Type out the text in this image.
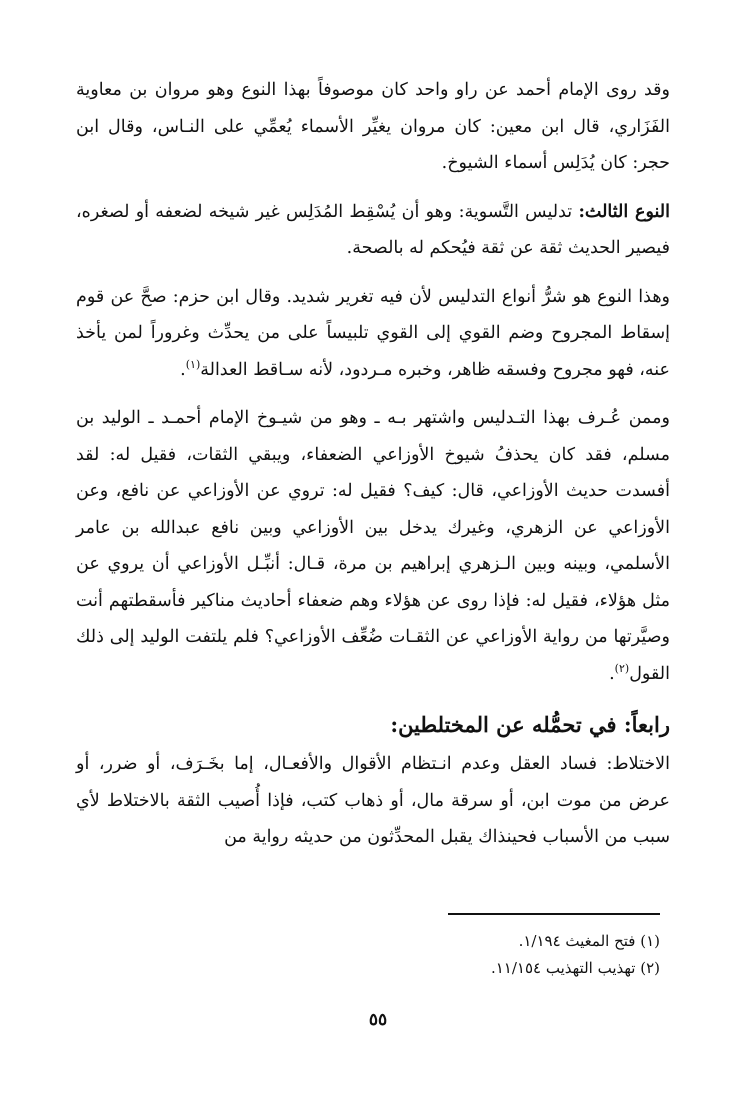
وقد روى الإمام أحمد عن راو واحد كان موصوفاً بهذا النوع وهو مروان بن معاوية الفَزَاري، قال ابن معين: كان مروان يغيِّر الأسماء يُعمِّي على النـاس، وقال ابن حجر: كان يُدَلِس أسماء الشيوخ.

النوع الثالث: تدليس التَّسوية: وهو أن يُسْقِط المُدَلِس غير شيخه لضعفه أو لصغره، فيصير الحديث ثقة عن ثقة فيُحكم له بالصحة.

وهذا النوع هو شرُّ أنواع التدليس لأن فيه تغرير شديد. وقال ابن حزم: صحَّ عن قوم إسقاط المجروح وضم القوي إلى القوي تلبيساً على من يحدِّث وغروراً لمن يأخذ عنه، فهو مجروح وفسقه ظاهر، وخبره مـردود، لأنه سـاقط العدالة$^{(١)}$.

وممن عُـرف بهذا التـدليس واشتهر بـه ـ وهو من شيـوخ الإمام أحمـد ـ الوليد بن مسلم، فقد كان يحذفُ شيوخ الأوزاعي الضعفاء، ويبقي الثقات، فقيل له: لقد أفسدت حديث الأوزاعي، قال: كيف؟ فقيل له: تروي عن الأوزاعي عن نافع، وعن الأوزاعي عن الزهري، وغيرك يدخل بين الأوزاعي وبين نافع عبدالله بن عامر الأسلمي، وبينه وبين الـزهري إبراهيم بن مرة، قـال: أنبِّـل الأوزاعي أن يروي عن مثل هؤلاء، فقيل له: فإذا روى عن هؤلاء وهم ضعفاء أحاديث مناكير فأسقطتهم أنت وصيَّرتها من رواية الأوزاعي عن الثقـات ضُعِّف الأوزاعي؟ فلم يلتفت الوليد إلى ذلك القول$^{(٢)}$.

رابعاً: في تحمُّله عن المختلطين:

الاختلاط: فساد العقل وعدم انـتظام الأقوال والأفعـال، إما بخَـرَف، أو ضرر، أو عرض من موت ابن، أو سرقة مال، أو ذهاب كتب، فإذا أُصيب الثقة بالاختلاط لأي سبب من الأسباب فحينذاك يقبل المحدِّثون من حديثه رواية من

(١) فتح المغيث ١/١٩٤.

(٢) تهذيب التهذيب ١١/١٥٤.

٥٥
